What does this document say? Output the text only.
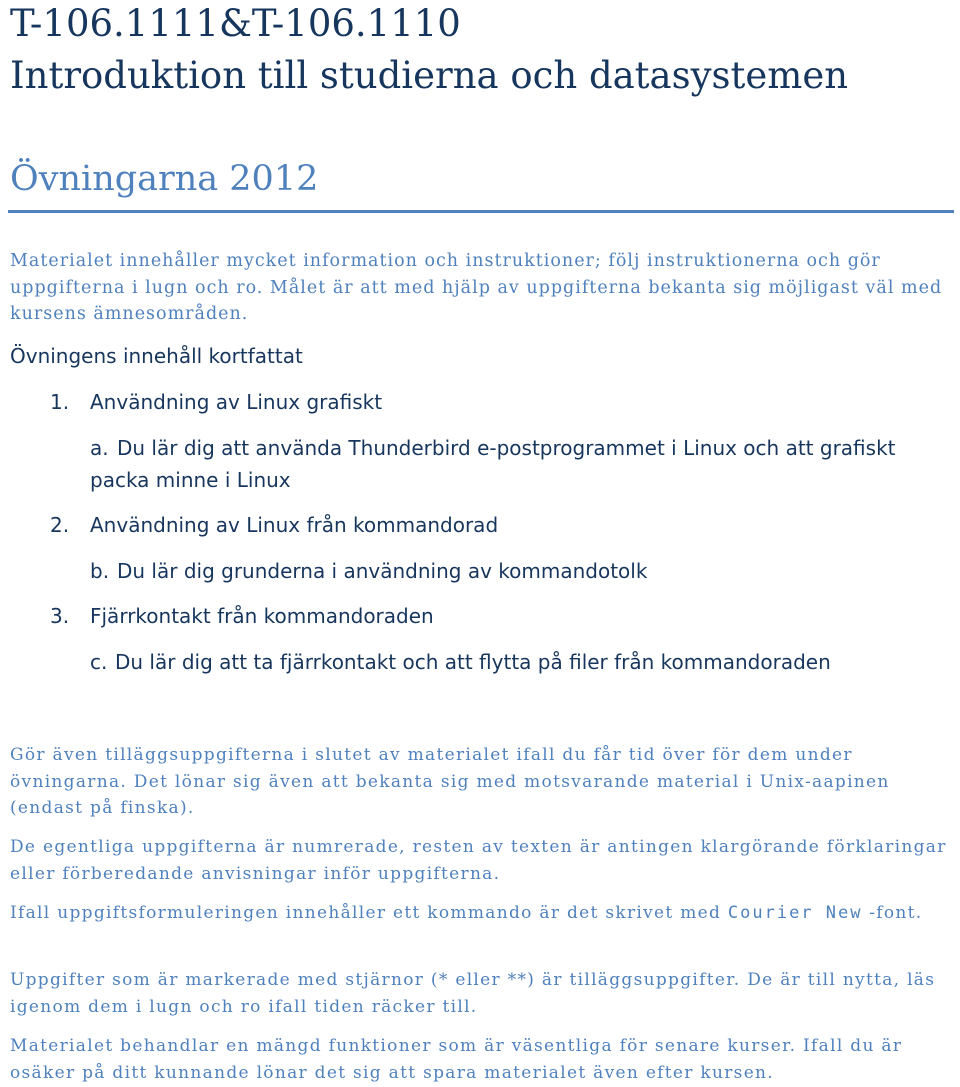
T-106.1111&T-106.1110
Introduktion till studierna och datasystemen
Övningarna 2012

Materialet innehåller mycket information och instruktioner; följ instruktionerna och gör uppgifterna i lugn och ro. Målet är att med hjälp av uppgifterna bekanta sig möjligast väl med kursens ämnesområden.

Övningens innehåll kortfattat
1. Användning av Linux grafiskt
a. Du lär dig att använda Thunderbird e-postprogrammet i Linux och att grafiskt
packa minne i Linux
2. Användning av Linux från kommandorad
b. Du lär dig grunderna i användning av kommandotolk
3. Fjärrkontakt från kommandoraden
c. Du lär dig att ta fjärrkontakt och att flytta på filer från kommandoraden

Gör även tilläggsuppgifterna i slutet av materialet ifall du får tid över för dem under övningarna. Det lönar sig även att bekanta sig med motsvarande material i Unix-aapinen (endast på finska).

De egentliga uppgifterna är numrerade, resten av texten är antingen klargörande förklaringar eller förberedande anvisningar inför uppgifterna.

Ifall uppgiftsformuleringen innehåller ett kommando är det skrivet med Courier New -font.

Uppgifter som är markerade med stjärnor (* eller **) är tilläggsuppgifter. De är till nytta, läs igenom dem i lugn och ro ifall tiden räcker till.

Materialet behandlar en mängd funktioner som är väsentliga för senare kurser. Ifall du är osäker på ditt kunnande lönar det sig att spara materialet även efter kursen.
